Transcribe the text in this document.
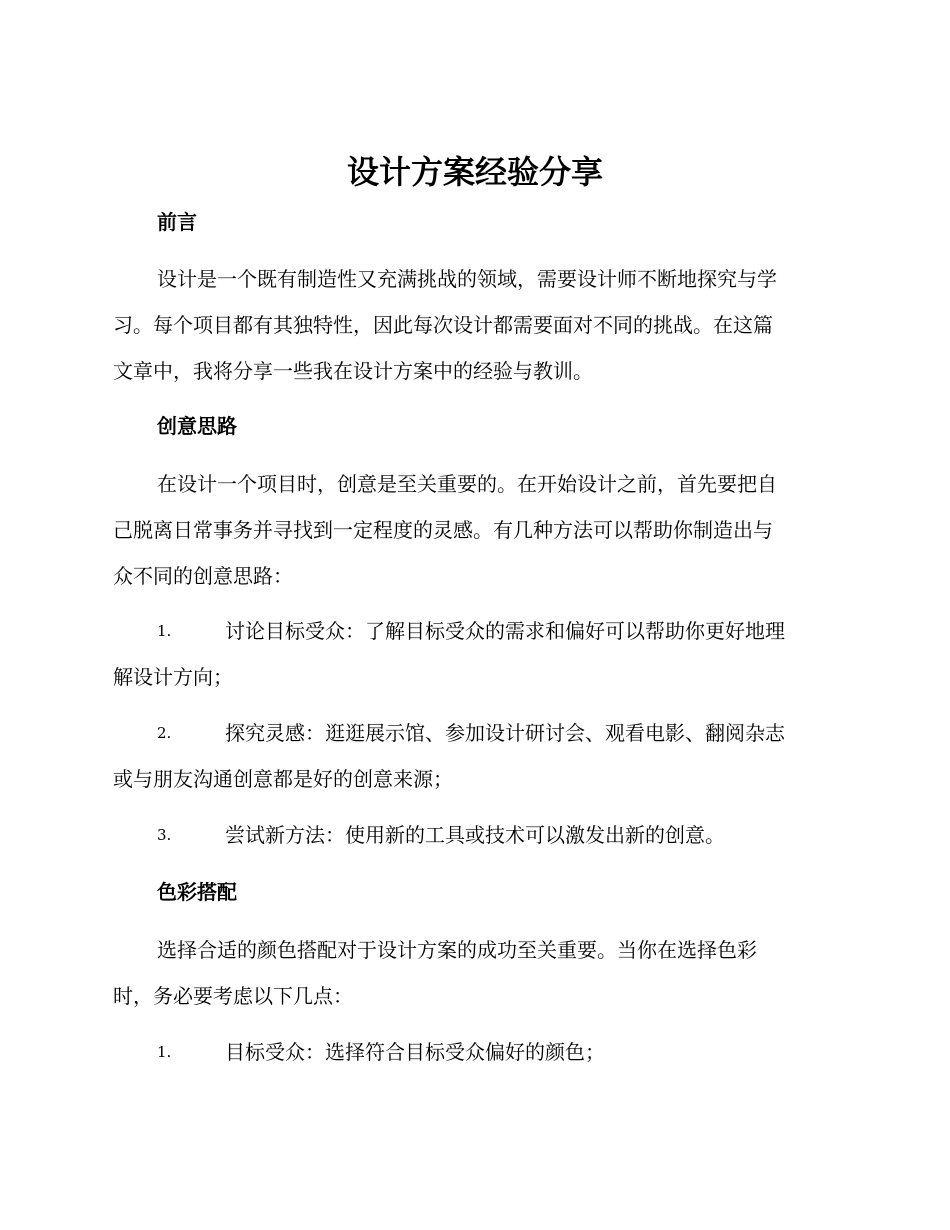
设计方案经验分享
前言
设计是一个既有制造性又充满挑战的领域，需要设计师不断地探究与学
习。每个项目都有其独特性，因此每次设计都需要面对不同的挑战。在这篇
文章中，我将分享一些我在设计方案中的经验与教训。
创意思路
在设计一个项目时，创意是至关重要的。在开始设计之前，首先要把自
己脱离日常事务并寻找到一定程度的灵感。有几种方法可以帮助你制造出与
众不同的创意思路：
1.	讨论目标受众：了解目标受众的需求和偏好可以帮助你更好地理
解设计方向；
2.	探究灵感：逛逛展示馆、参加设计研讨会、观看电影、翻阅杂志
或与朋友沟通创意都是好的创意来源；
3.	尝试新方法：使用新的工具或技术可以激发出新的创意。
色彩搭配
选择合适的颜色搭配对于设计方案的成功至关重要。当你在选择色彩
时，务必要考虑以下几点：
1.	目标受众：选择符合目标受众偏好的颜色；
